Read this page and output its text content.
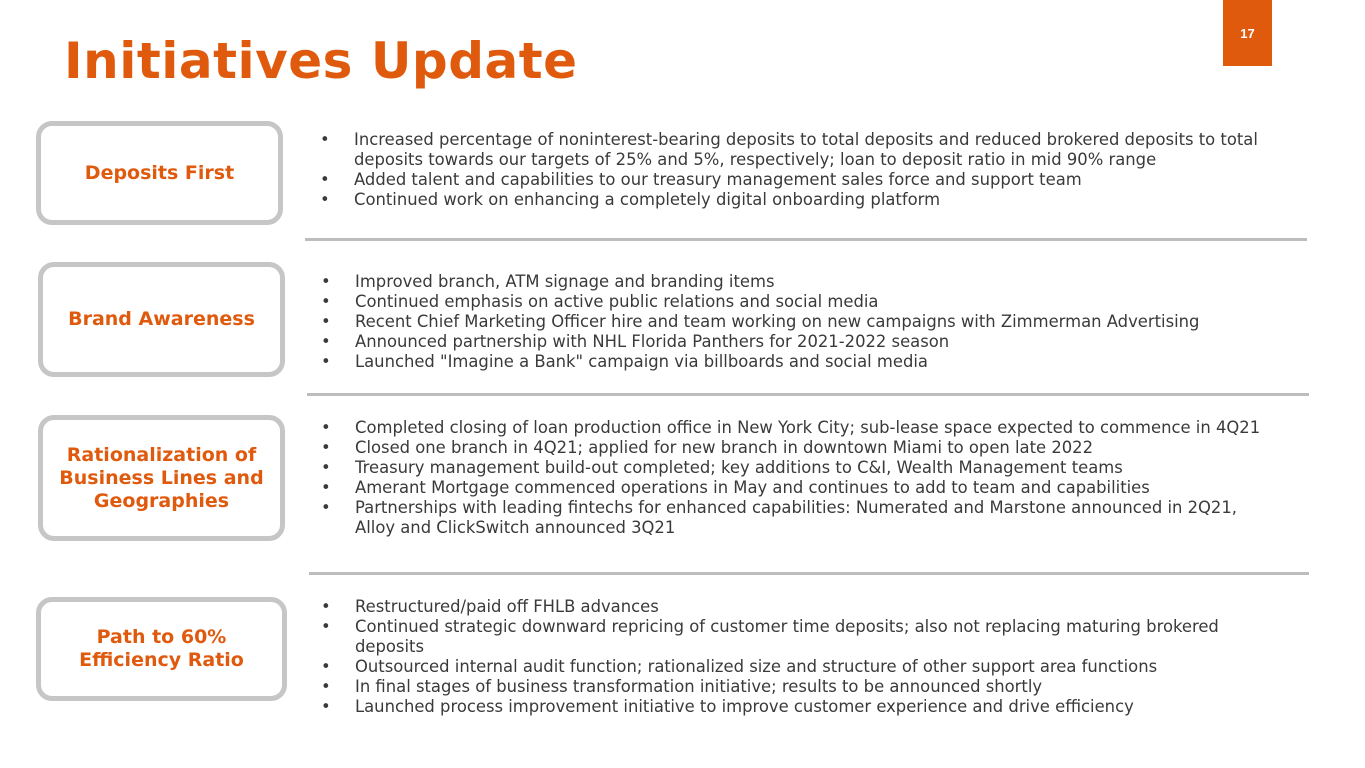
Initiatives Update	17
Deposits First
• Increased percentage of noninterest-bearing deposits to total deposits and reduced brokered deposits to total deposits towards our targets of 25% and 5%, respectively; loan to deposit ratio in mid 90% range
• Added talent and capabilities to our treasury management sales force and support team
• Continued work on enhancing a completely digital onboarding platform
Brand Awareness
• Improved branch, ATM signage and branding items
• Continued emphasis on active public relations and social media
• Recent Chief Marketing Officer hire and team working on new campaigns with Zimmerman Advertising
• Announced partnership with NHL Florida Panthers for 2021-2022 season
• Launched "Imagine a Bank" campaign via billboards and social media
Rationalization of Business Lines and Geographies
• Completed closing of loan production office in New York City; sub-lease space expected to commence in 4Q21
• Closed one branch in 4Q21; applied for new branch in downtown Miami to open late 2022
• Treasury management build-out completed; key additions to C&I, Wealth Management teams
• Amerant Mortgage commenced operations in May and continues to add to team and capabilities
• Partnerships with leading fintechs for enhanced capabilities: Numerated and Marstone announced in 2Q21, Alloy and ClickSwitch announced 3Q21
Path to 60% Efficiency Ratio
• Restructured/paid off FHLB advances
• Continued strategic downward repricing of customer time deposits; also not replacing maturing brokered deposits
• Outsourced internal audit function; rationalized size and structure of other support area functions
• In final stages of business transformation initiative; results to be announced shortly
• Launched process improvement initiative to improve customer experience and drive efficiency
